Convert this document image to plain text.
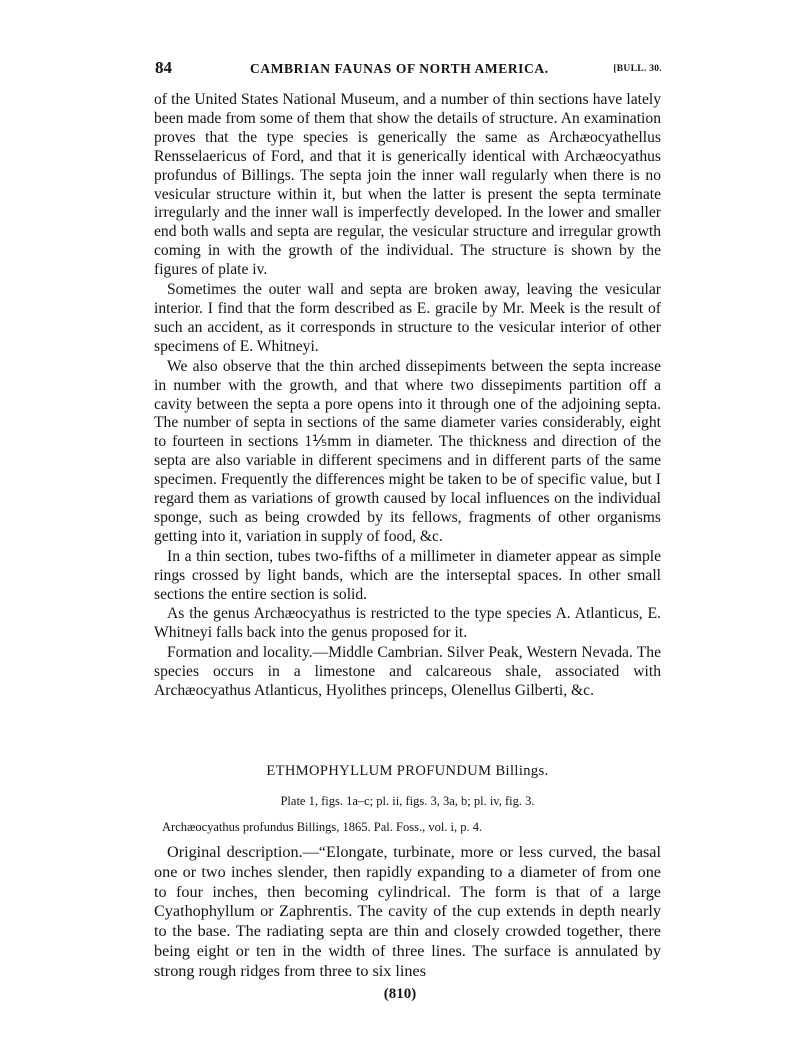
84	CAMBRIAN FAUNAS OF NORTH AMERICA.	[BULL. 30.

of the United States National Museum, and a number of thin sections have lately been made from some of them that show the details of structure. An examination proves that the type species is generically the same as Archæocyathellus Rensselaericus of Ford, and that it is generically identical with Archæocyathus profundus of Billings. The septa join the inner wall regularly when there is no vesicular structure within it, but when the latter is present the septa terminate irregularly and the inner wall is imperfectly developed. In the lower and smaller end both walls and septa are regular, the vesicular structure and irregular growth coming in with the growth of the individual. The structure is shown by the figures of plate iv.

Sometimes the outer wall and septa are broken away, leaving the vesicular interior. I find that the form described as E. gracile by Mr. Meek is the result of such an accident, as it corresponds in structure to the vesicular interior of other specimens of E. Whitneyi.

We also observe that the thin arched dissepiments between the septa increase in number with the growth, and that where two dissepiments partition off a cavity between the septa a pore opens into it through one of the adjoining septa. The number of septa in sections of the same diameter varies considerably, eight to fourteen in sections 1⅕mm in diameter. The thickness and direction of the septa are also variable in different specimens and in different parts of the same specimen. Frequently the differences might be taken to be of specific value, but I regard them as variations of growth caused by local influences on the individual sponge, such as being crowded by its fellows, fragments of other organisms getting into it, variation in supply of food, &c.

In a thin section, tubes two-fifths of a millimeter in diameter appear as simple rings crossed by light bands, which are the interseptal spaces. In other small sections the entire section is solid.

As the genus Archæocyathus is restricted to the type species A. Atlanticus, E. Whitneyi falls back into the genus proposed for it.

Formation and locality.—Middle Cambrian. Silver Peak, Western Nevada. The species occurs in a limestone and calcareous shale, associated with Archæocyathus Atlanticus, Hyolithes princeps, Olenellus Gilberti, &c.

ETHMOPHYLLUM PROFUNDUM Billings.
Plate 1, figs. 1a–c; pl. ii, figs. 3, 3a, b; pl. iv, fig. 3.
Archæocyathus profundus Billings, 1865. Pal. Foss., vol. i, p. 4.

Original description.—“Elongate, turbinate, more or less curved, the basal one or two inches slender, then rapidly expanding to a diameter of from one to four inches, then becoming cylindrical. The form is that of a large Cyathophyllum or Zaphrentis. The cavity of the cup extends in depth nearly to the base. The radiating septa are thin and closely crowded together, there being eight or ten in the width of three lines. The surface is annulated by strong rough ridges from three to six lines

(810)
